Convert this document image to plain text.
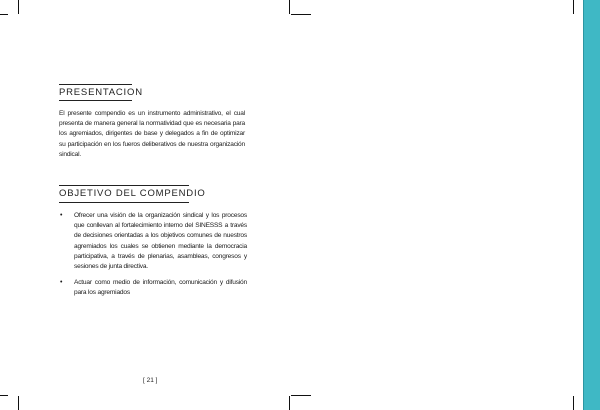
PRESENTACION
El presente compendio es un instrumento administrativo, el cual presenta de manera general la normatividad que es necesaria para los agremiados, dirigentes de base y delegados a fin de optimizar su participación en los fueros deliberativos de nuestra organización sindical.
OBJETIVO DEL COMPENDIO
• Ofrecer una visión de la organización sindical y los procesos que conllevan al fortalecimiento interno del SINESSS a través de decisiones orientadas a los objetivos comunes de nuestros agremiados los cuales se obtienen mediante la democracia participativa, a través de plenarias, asambleas, congresos y sesiones de junta directiva.
• Actuar como medio de información, comunicación y difusión para los agremiados
[ 21 ]
